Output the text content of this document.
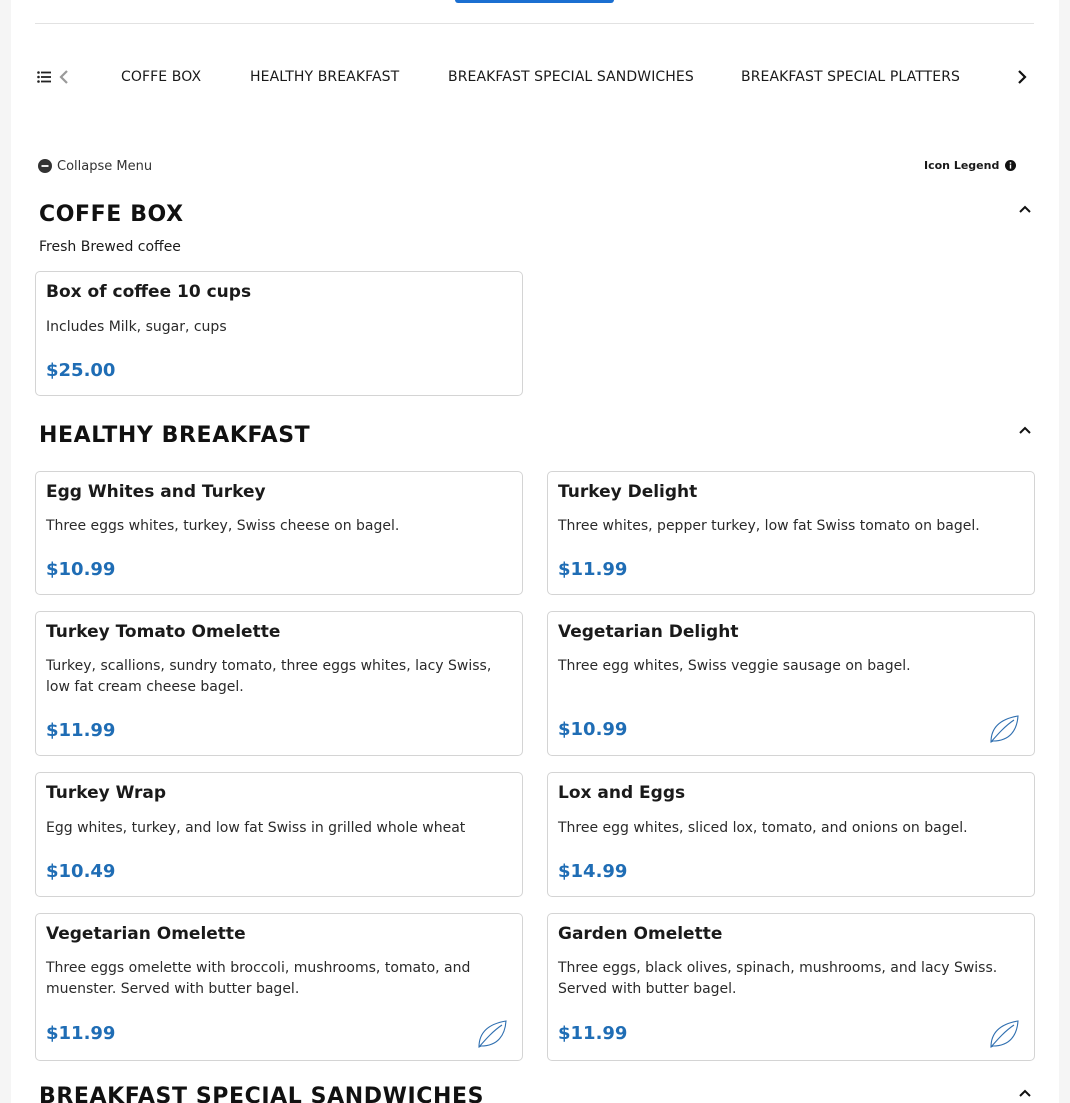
COFFE BOX	HEALTHY BREAKFAST	BREAKFAST SPECIAL SANDWICHES	BREAKFAST SPECIAL PLATTERS
Collapse Menu	Icon Legend
COFFE BOX
Fresh Brewed coffee
Box of coffee 10 cups
Includes Milk, sugar, cups
$25.00
HEALTHY BREAKFAST
Egg Whites and Turkey
Three eggs whites, turkey, Swiss cheese on bagel.
$10.99
Turkey Delight
Three whites, pepper turkey, low fat Swiss tomato on bagel.
$11.99
Turkey Tomato Omelette
Turkey, scallions, sundry tomato, three eggs whites, lacy Swiss, low fat cream cheese bagel.
$11.99
Vegetarian Delight
Three egg whites, Swiss veggie sausage on bagel.
$10.99
Turkey Wrap
Egg whites, turkey, and low fat Swiss in grilled whole wheat
$10.49
Lox and Eggs
Three egg whites, sliced lox, tomato, and onions on bagel.
$14.99
Vegetarian Omelette
Three eggs omelette with broccoli, mushrooms, tomato, and muenster. Served with butter bagel.
$11.99
Garden Omelette
Three eggs, black olives, spinach, mushrooms, and lacy Swiss. Served with butter bagel.
$11.99
BREAKFAST SPECIAL SANDWICHES
